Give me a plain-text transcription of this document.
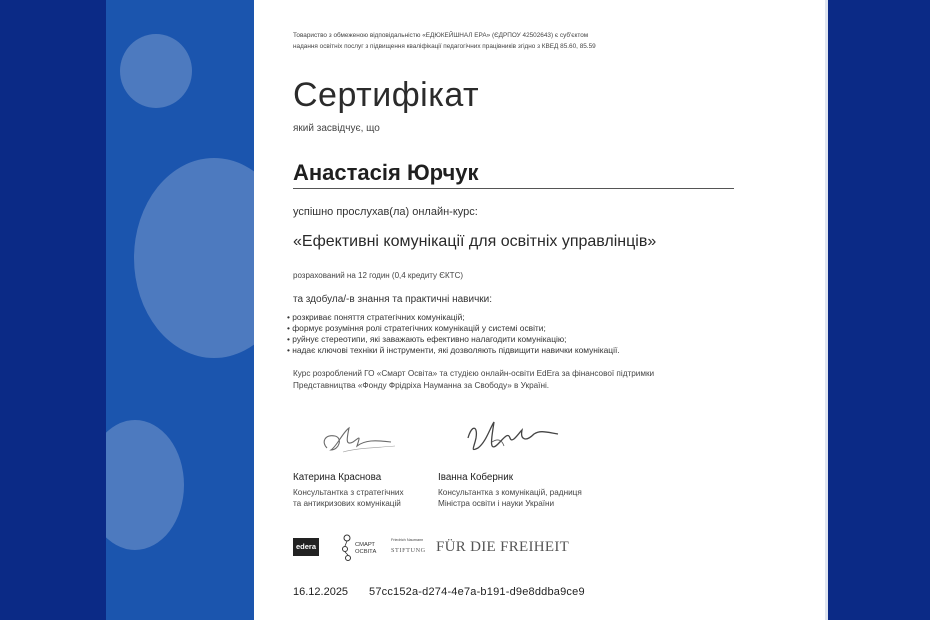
Товариство з обмеженою відповідальністю «ЕДЮКЕЙШНАЛ ЕРА» (ЄДРПОУ 42502643) є суб'єктом
надання освітніх послуг з підвищення кваліфікації педагогічних працівників згідно з КВЕД 85.60, 85.59
Сертифікат
який засвідчує, що
Анастасія Юрчук
успішно прослухав(ла) онлайн-курс:
«Ефективні комунікації для освітніх управлінців»
розрахований на 12 годин (0,4 кредиту ЄКТС)
та здобула/-в знання та практичні навички:
• розкриває поняття стратегічних комунікацій;
• формує розуміння ролі стратегічних комунікацій у системі освіти;
• руйнує стереотипи, які заважають ефективно налагодити комунікацію;
• надає ключові техніки й інструменти, які дозволяють підвищити навички комунікації.
Курс розроблений ГО «Смарт Освіта» та студією онлайн-освіти EdEra за фінансової підтримки
Представництва «Фонду Фрідріха Науманна за Свободу» в Україні.
Катерина Краснова
Консультантка з стратегічних
та антикризових комунікацій
Іванна Коберник
Консультантка з комунікацій, радниця
Міністра освіти і науки України
edera	СМАРТ
ОСВІТА
Friedrich Naumann
STIFTUNG FÜR DIE FREIHEIT
16.12.2025 57cc152a-d274-4e7a-b191-d9e8ddba9ce9
